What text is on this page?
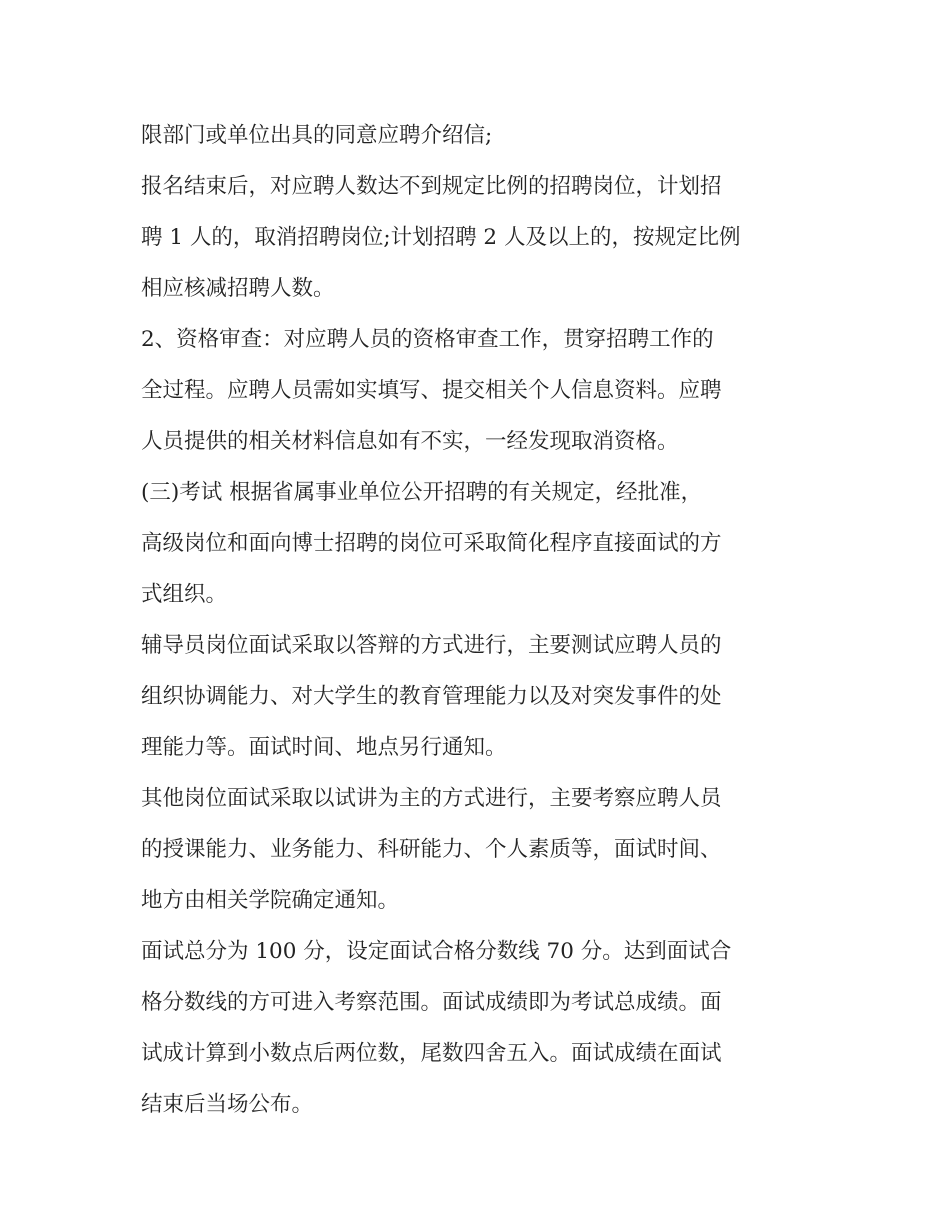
限部门或单位出具的同意应聘介绍信;
报名结束后，对应聘人数达不到规定比例的招聘岗位，计划招
聘 1 人的，取消招聘岗位;计划招聘 2 人及以上的，按规定比例
相应核减招聘人数。
2、资格审查：对应聘人员的资格审查工作，贯穿招聘工作的
全过程。应聘人员需如实填写、提交相关个人信息资料。应聘
人员提供的相关材料信息如有不实，一经发现取消资格。
(三)考试 根据省属事业单位公开招聘的有关规定，经批准，
高级岗位和面向博士招聘的岗位可采取简化程序直接面试的方
式组织。
辅导员岗位面试采取以答辩的方式进行，主要测试应聘人员的
组织协调能力、对大学生的教育管理能力以及对突发事件的处
理能力等。面试时间、地点另行通知。
其他岗位面试采取以试讲为主的方式进行，主要考察应聘人员
的授课能力、业务能力、科研能力、个人素质等，面试时间、
地方由相关学院确定通知。
面试总分为 100 分，设定面试合格分数线 70 分。达到面试合
格分数线的方可进入考察范围。面试成绩即为考试总成绩。面
试成计算到小数点后两位数，尾数四舍五入。面试成绩在面试
结束后当场公布。
